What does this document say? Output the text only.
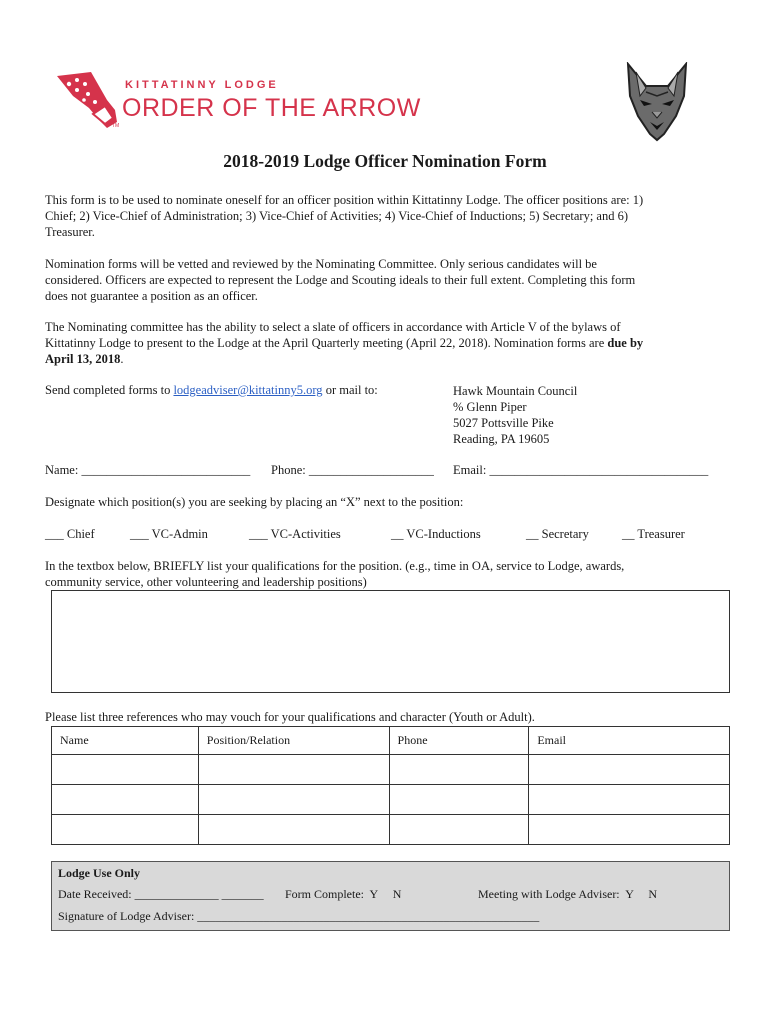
TM
KITTATINNY LODGE
ORDER OF THE ARROW
2018-2019 Lodge Officer Nomination Form
This form is to be used to nominate oneself for an officer position within Kittatinny Lodge. The officer positions are: 1)
Chief; 2) Vice-Chief of Administration; 3) Vice-Chief of Activities; 4) Vice-Chief of Inductions; 5) Secretary; and 6)
Treasurer.
Nomination forms will be vetted and reviewed by the Nominating Committee. Only serious candidates will be
considered. Officers are expected to represent the Lodge and Scouting ideals to their full extent. Completing this form
does not guarantee a position as an officer.
The Nominating committee has the ability to select a slate of officers in accordance with Article V of the bylaws of
Kittatinny Lodge to present to the Lodge at the April Quarterly meeting (April 22, 2018). Nomination forms are due by
April 13, 2018.
Send completed forms to lodgeadviser@kittatinny5.org or mail to:	Hawk Mountain Council
% Glenn Piper
5027 Pottsville Pike
Reading, PA 19605
Name: ___________________________ Phone: ____________________ Email: ___________________________________
Designate which position(s) you are seeking by placing an “X” next to the position:
___ Chief	___ VC-Admin	___ VC-Activities	__ VC-Inductions	__ Secretary	__ Treasurer
In the textbox below, BRIEFLY list your qualifications for the position. (e.g., time in OA, service to Lodge, awards,
community service, other volunteering and leadership positions)
Please list three references who may vouch for your qualifications and character (Youth or Adult).
Name	Position/Relation	Phone	Email

Lodge Use Only
Date Received: ______________ _______ Form Complete:  Y     N	Meeting with Lodge Adviser:  Y     N
Signature of Lodge Adviser: _________________________________________________________
